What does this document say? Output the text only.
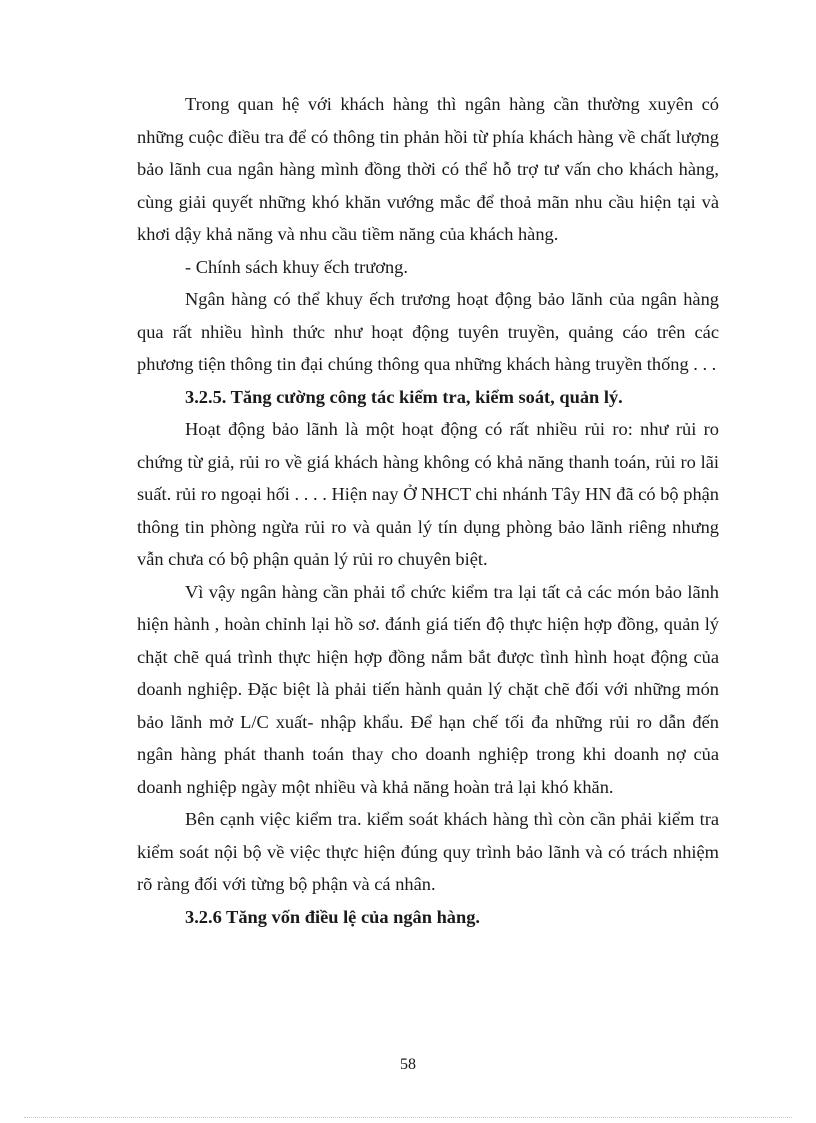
Trong quan hệ với khách hàng thì ngân hàng cần thường xuyên có những cuộc điều tra để có thông tin phản hồi từ phía khách hàng về chất lượng bảo lãnh cua ngân hàng mình đồng thời có thể hỗ trợ tư vấn cho khách hàng, cùng giải quyết những khó khăn vướng mắc để thoả mãn nhu cầu hiện tại và khơi dậy khả năng và nhu cầu tiềm năng của khách hàng.

- Chính sách khuy ếch trương.

Ngân hàng có thể khuy ếch trương hoạt động bảo lãnh của ngân hàng qua rất nhiều hình thức như hoạt động tuyên truyền, quảng cáo trên các phương tiện thông tin đại chúng thông qua những khách hàng truyền thống . . .

3.2.5. Tăng cường công tác kiểm tra, kiểm soát, quản lý.

Hoạt động bảo lãnh là một hoạt động có rất nhiều rủi ro: như rủi ro chứng từ giả, rủi ro về giá khách hàng không có khả năng thanh toán, rủi ro lãi suất. rủi ro ngoại hối . . . . Hiện nay Ở NHCT chi nhánh Tây HN đã có bộ phận thông tin phòng ngừa rủi ro và quản lý tín dụng phòng bảo lãnh riêng nhưng vẫn chưa có bộ phận quản lý rủi ro chuyên biệt.

Vì vậy ngân hàng cần phải tổ chức kiểm tra lại tất cả các món bảo lãnh hiện hành , hoàn chỉnh lại hồ sơ. đánh giá tiến độ thực hiện hợp đồng, quản lý chặt chẽ quá trình thực hiện hợp đồng nắm bắt được tình hình hoạt động của doanh nghiệp. Đặc biệt là phải tiến hành quản lý chặt chẽ đối với những món bảo lãnh mở L/C xuất- nhập khẩu. Để hạn chế tối đa những rủi ro dẫn đến ngân hàng phát thanh toán thay cho doanh nghiệp trong khi doanh nợ của doanh nghiệp ngày một nhiều và khả năng hoàn trả lại khó khăn.

Bên cạnh việc kiểm tra. kiểm soát khách hàng thì còn cần phải kiểm tra kiểm soát nội bộ về việc thực hiện đúng quy trình bảo lãnh và có trách nhiệm rõ ràng đối với từng bộ phận và cá nhân.

3.2.6 Tăng vốn điều lệ của ngân hàng.

58
